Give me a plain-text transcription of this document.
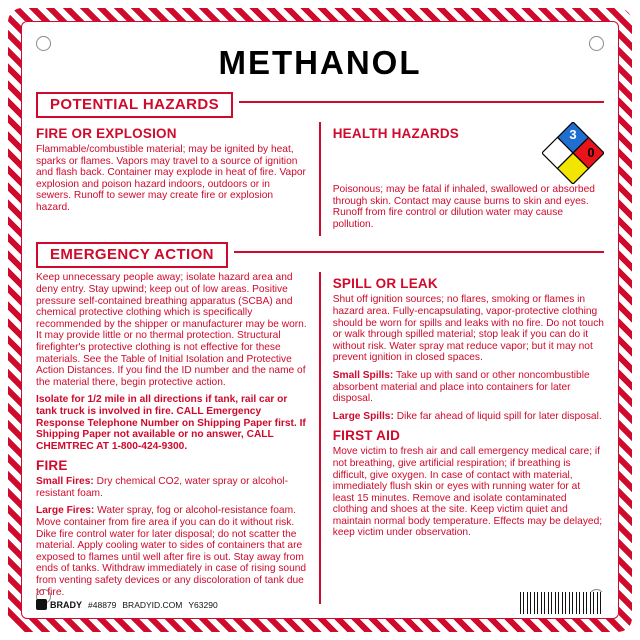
METHANOL
POTENTIAL HAZARDS
FIRE OR EXPLOSION

Flammable/combustible material; may be ignited by heat, sparks or flames. Vapors may travel to a source of ignition and flash back. Container may explode in heat of fire. Vapor explosion and poison hazard indoors, outdoors or in sewers. Runoff to sewer may create fire or explosion hazard.

HEALTH HAZARDS
1
3
0

Poisonous; may be fatal if inhaled, swallowed or absorbed through skin. Contact may cause burns to skin and eyes. Runoff from fire control or dilution water may cause pollution.

EMERGENCY ACTION

Keep unnecessary people away; isolate hazard area and deny entry. Stay upwind; keep out of low areas. Positive pressure self-contained breathing apparatus (SCBA) and chemical protective clothing which is specifically recommended by the shipper or manufacturer may be worn. It may provide little or no thermal protection. Structural firefighter's protective clothing is not effective for these materials. See the Table of Initial Isolation and Protective Action Distances. If you find the ID number and the name of the material there, begin protective action.

Isolate for 1/2 mile in all directions if tank, rail car or tank truck is involved in fire. CALL Emergency Response Telephone Number on Shipping Paper first. If Shipping Paper not available or no answer, CALL CHEMTREC AT 1-800-424-9300.

FIRE

Small Fires: Dry chemical CO2, water spray or alcohol-resistant foam.

Large Fires: Water spray, fog or alcohol-resistance foam. Move container from fire area if you can do it without risk. Dike fire control water for later disposal; do not scatter the material. Apply cooling water to sides of containers that are exposed to flames until well after fire is out. Stay away from ends of tanks. Withdraw immediately in case of rising sound from venting safety devices or any discoloration of tank due to fire.

SPILL OR LEAK

Shut off ignition sources; no flares, smoking or flames in hazard area. Fully-encapsulating, vapor-protective clothing should be worn for spills and leaks with no fire. Do not touch or walk through spilled material; stop leak if you can do it without risk. Water spray mat reduce vapor; but it may not prevent ignition in closed spaces.

Small Spills: Take up with sand or other noncombustible absorbent material and place into containers for later disposal.

Large Spills: Dike far ahead of liquid spill for later disposal.

FIRST AID

Move victim to fresh air and call emergency medical care; if not breathing, give artificial respiration; if breathing is difficult, give oxygen. In case of contact with material, immediately flush skin or eyes with running water for at least 15 minutes. Remove and isolate contaminated clothing and shoes at the site. Keep victim quiet and maintain normal body temperature. Effects may be delayed; keep victim under observation.

BRADY #48879 BRADYID.COM Y63290
